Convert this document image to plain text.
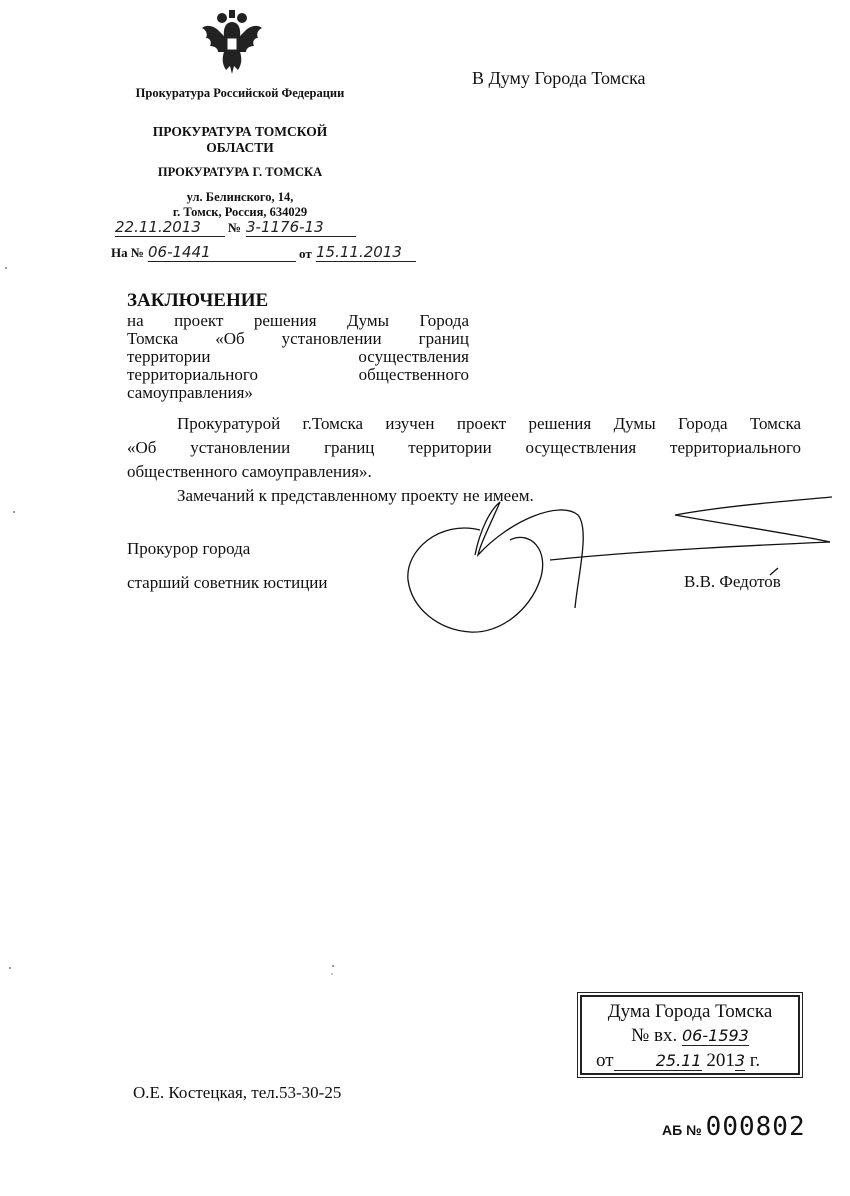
Прокуратура Российской Федерации
ПРОКУРАТУРА ТОМСКОЙ ОБЛАСТИ
ПРОКУРАТУРА Г. ТОМСКА
ул. Белинского, 14,
г. Томск, Россия, 634029
22.11.2013	№ 3-1176-13
На № 06-1441	от 15.11.2013
В Думу Города Томска
ЗАКЛЮЧЕНИЕ
на проект решения Думы Города
Томска «Об установлении границ
территории осуществления
территориального общественного
самоуправления»
Прокуратурой г.Томска изучен проект решения Думы Города Томска
«Об установлении границ территории осуществления территориального
общественного самоуправления».
Замечаний к представленному проекту не имеем.
Прокурор города
старший советник юстиции	В.В. Федотов
Дума Города Томска
№ вх. 06-1593
от	25.11 2013 г.
О.Е. Костецкая, тел.53-30-25
АБ № 000802
